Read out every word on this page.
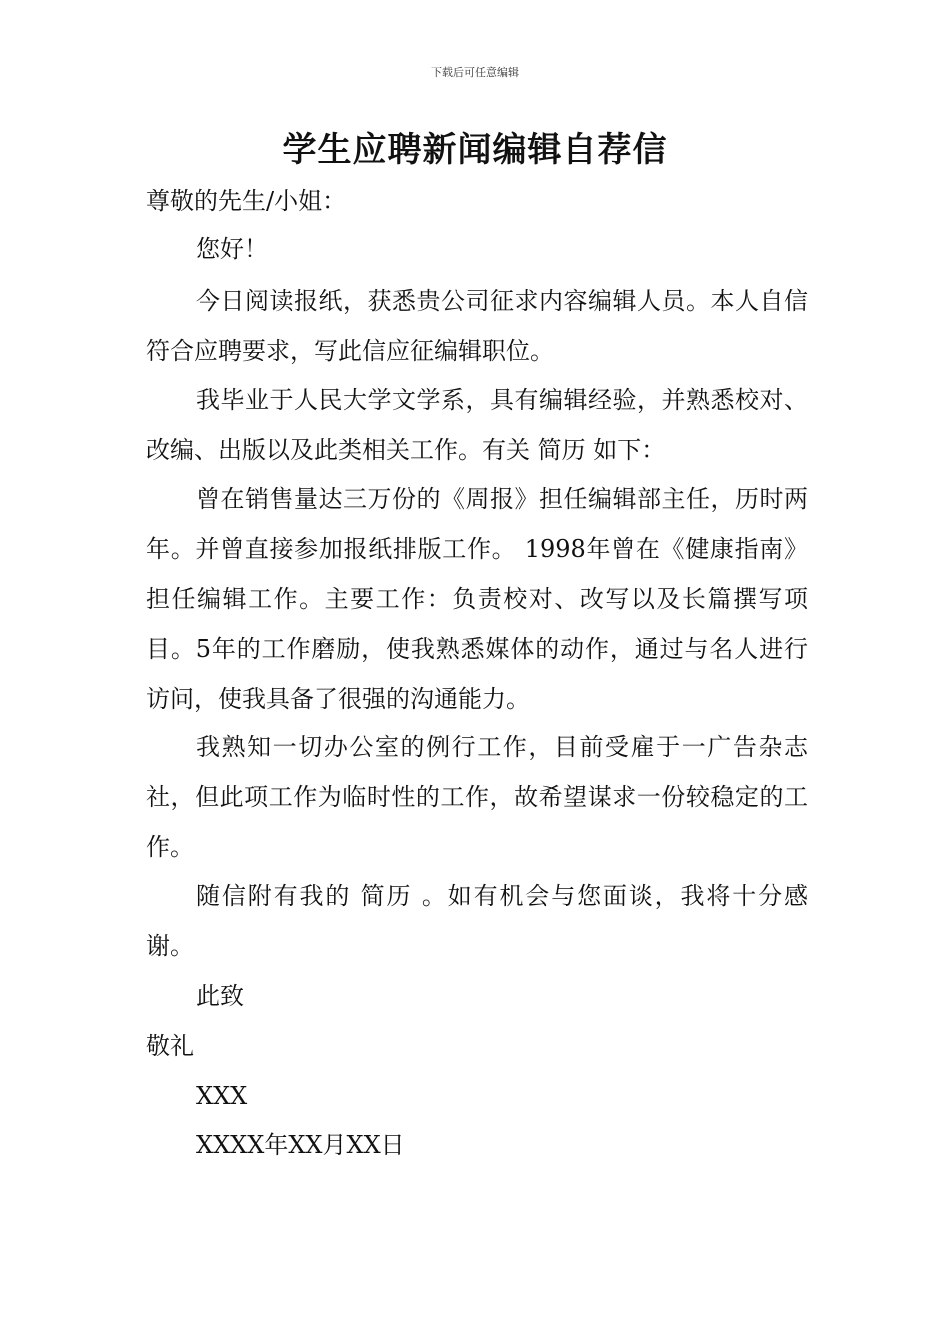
下载后可任意编辑
学生应聘新闻编辑自荐信
尊敬的先生/小姐：
您好！
今日阅读报纸，获悉贵公司征求内容编辑人员。本人自信符合应聘要求，写此信应征编辑职位。
我毕业于人民大学文学系，具有编辑经验，并熟悉校对、改编、出版以及此类相关工作。有关 简历 如下：
曾在销售量达三万份的《周报》担任编辑部主任，历时两年。并曾直接参加报纸排版工作。 1998年曾在《健康指南》担任编辑工作。主要工作：负责校对、改写以及长篇撰写项目。5年的工作磨励，使我熟悉媒体的动作，通过与名人进行访问，使我具备了很强的沟通能力。
我熟知一切办公室的例行工作，目前受雇于一广告杂志社，但此项工作为临时性的工作，故希望谋求一份较稳定的工作。
随信附有我的 简历 。如有机会与您面谈，我将十分感谢。
此致
敬礼
XXX
XXXX年XX月XX日
